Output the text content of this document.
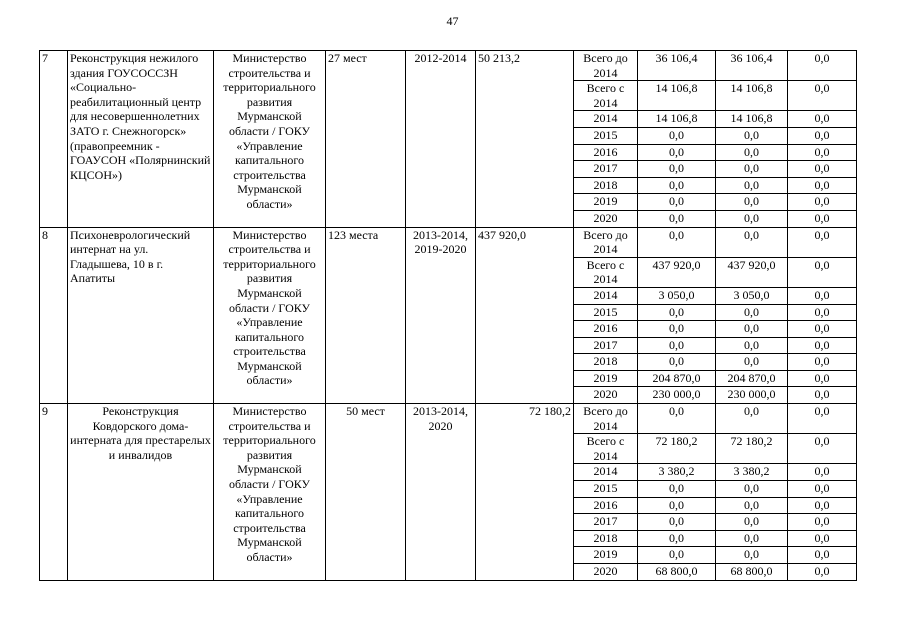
47
7	Реконструкция нежилого здания ГОУСОССЗН «Социально-реабилитационный центр для несовершеннолетних ЗАТО г. Снежногорск» (правопреемник - ГОАУСОН «Полярнинский КЦСОН»)	Министерство строительства и территориального развития Мурманской области / ГОКУ «Управление капитального строительства Мурманской области»	27 мест	2012-2014	50 213,2	Всего до 2014	36 106,4	36 106,4	0,0
						Всего с 2014	14 106,8	14 106,8	0,0
						2014	14 106,8	14 106,8	0,0
						2015	0,0	0,0	0,0
						2016	0,0	0,0	0,0
						2017	0,0	0,0	0,0
						2018	0,0	0,0	0,0
						2019	0,0	0,0	0,0
						2020	0,0	0,0	0,0
8	Психоневрологический интернат на ул. Гладышева, 10 в г. Апатиты	Министерство строительства и территориального развития Мурманской области / ГОКУ «Управление капитального строительства Мурманской области»	123 места	2013-2014, 2019-2020	437 920,0	Всего до 2014	0,0	0,0	0,0
						Всего с 2014	437 920,0	437 920,0	0,0
						2014	3 050,0	3 050,0	0,0
						2015	0,0	0,0	0,0
						2016	0,0	0,0	0,0
						2017	0,0	0,0	0,0
						2018	0,0	0,0	0,0
						2019	204 870,0	204 870,0	0,0
						2020	230 000,0	230 000,0	0,0
9	Реконструкция Ковдорского дома-интерната для престарелых и инвалидов	Министерство строительства и территориального развития Мурманской области / ГОКУ «Управление капитального строительства Мурманской области»	50 мест	2013-2014, 2020	72 180,2	Всего до 2014	0,0	0,0	0,0
						Всего с 2014	72 180,2	72 180,2	0,0
						2014	3 380,2	3 380,2	0,0
						2015	0,0	0,0	0,0
						2016	0,0	0,0	0,0
						2017	0,0	0,0	0,0
						2018	0,0	0,0	0,0
						2019	0,0	0,0	0,0
						2020	68 800,0	68 800,0	0,0
